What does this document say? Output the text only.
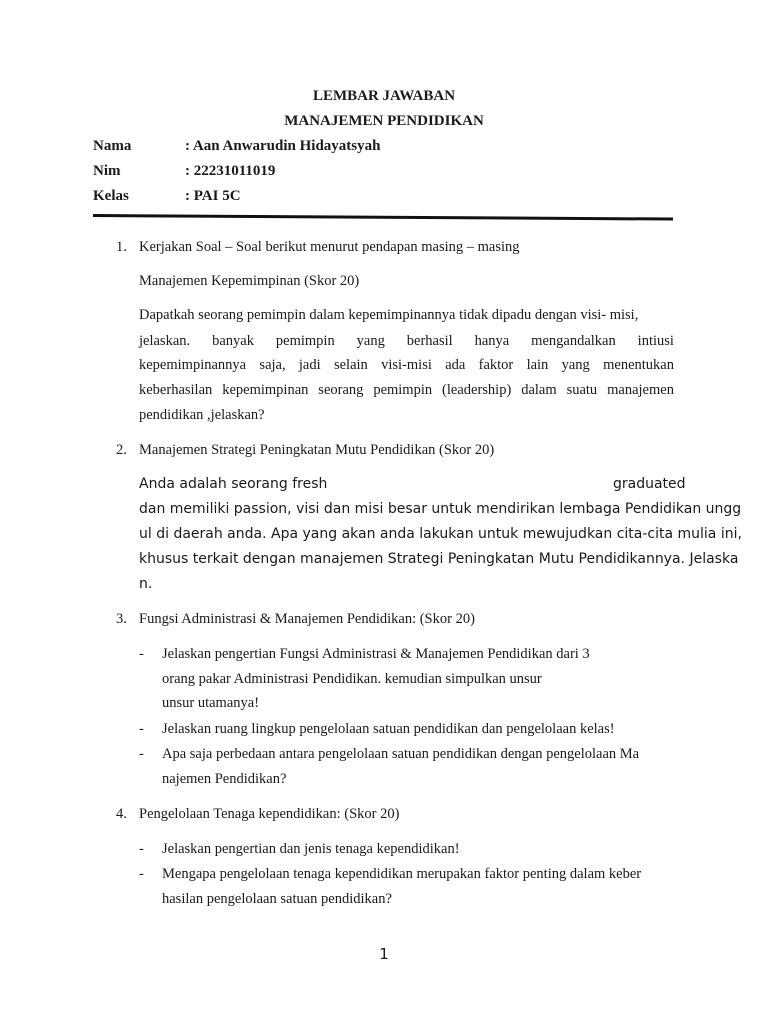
LEMBAR JAWABAN
MANAJEMEN PENDIDIKAN
Nama	: Aan Anwarudin Hidayatsyah
Nim	: 22231011019
Kelas	: PAI 5C
1. Kerjakan Soal – Soal berikut menurut pendapan masing – masing
Manajemen Kepemimpinan (Skor 20)
Dapatkah seorang pemimpin dalam kepemimpinannya tidak dipadu dengan visi- misi,
jelaskan. banyak pemimpin yang berhasil hanya mengandalkan intiusi
kepemimpinannya saja, jadi selain visi-misi ada faktor lain yang menentukan
keberhasilan kepemimpinan seorang pemimpin (leadership) dalam suatu manajemen
pendidikan ,jelaskan?
2. Manajemen Strategi Peningkatan Mutu Pendidikan (Skor 20)
Anda adalah seorang fresh	graduated
dan memiliki passion, visi dan misi besar untuk mendirikan lembaga Pendidikan ungg
ul di daerah anda. Apa yang akan anda lakukan untuk mewujudkan cita-cita mulia ini,
khusus terkait dengan manajemen Strategi Peningkatan Mutu Pendidikannya. Jelaska
n.
3. Fungsi Administrasi & Manajemen Pendidikan: (Skor 20)
- Jelaskan pengertian Fungsi Administrasi & Manajemen Pendidikan dari 3
orang pakar Administrasi Pendidikan. kemudian simpulkan unsur
unsur utamanya!
- Jelaskan ruang lingkup pengelolaan satuan pendidikan dan pengelolaan kelas!
- Apa saja perbedaan antara pengelolaan satuan pendidikan dengan pengelolaan Ma
najemen Pendidikan?
4. Pengelolaan Tenaga kependidikan: (Skor 20)
- Jelaskan pengertian dan jenis tenaga kependidikan!
- Mengapa pengelolaan tenaga kependidikan merupakan faktor penting dalam keber
hasilan pengelolaan satuan pendidikan?
1
